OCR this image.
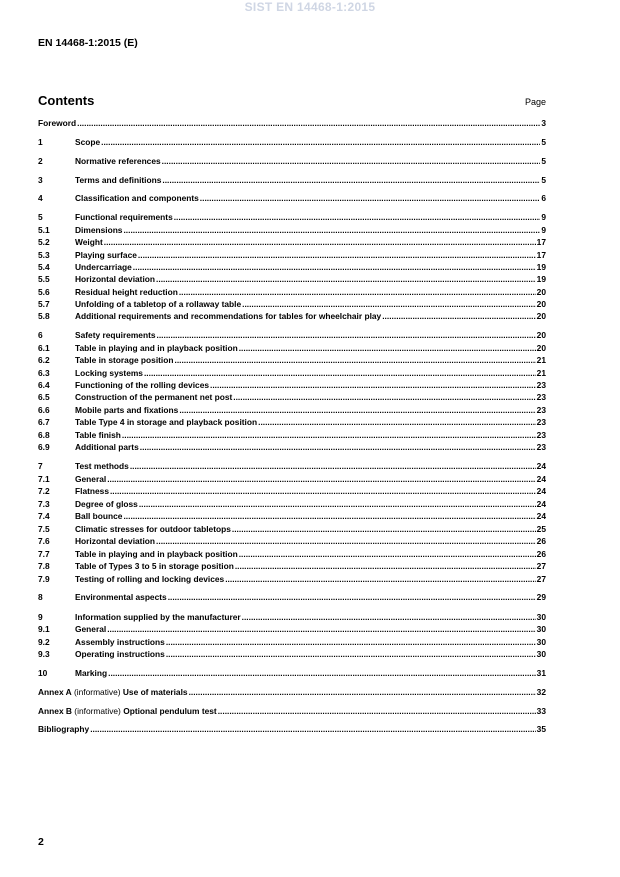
SIST EN 14468-1:2015
EN 14468-1:2015 (E)
Contents	Page
Foreword .....	3
1	Scope .....	5
2	Normative references .....	5
3	Terms and definitions .....	5
4	Classification and components .....	6
5	Functional requirements .....	9
5.1	Dimensions .....	9
5.2	Weight .....	17
5.3	Playing surface .....	17
5.4	Undercarriage .....	19
5.5	Horizontal deviation .....	19
5.6	Residual height reduction .....	20
5.7	Unfolding of a tabletop of a rollaway table .....	20
5.8	Additional requirements and recommendations for tables for wheelchair play .....	20
6	Safety requirements .....	20
6.1	Table in playing and in playback position .....	20
6.2	Table in storage position .....	21
6.3	Locking systems .....	21
6.4	Functioning of the rolling devices .....	23
6.5	Construction of the permanent net post .....	23
6.6	Mobile parts and fixations .....	23
6.7	Table Type 4 in storage and playback position .....	23
6.8	Table finish .....	23
6.9	Additional parts .....	23
7	Test methods .....	24
7.1	General .....	24
7.2	Flatness .....	24
7.3	Degree of gloss .....	24
7.4	Ball bounce .....	24
7.5	Climatic stresses for outdoor tabletops .....	25
7.6	Horizontal deviation .....	26
7.7	Table in playing and in playback position .....	26
7.8	Table of Types 3 to 5 in storage position .....	27
7.9	Testing of rolling and locking devices .....	27
8	Environmental aspects .....	29
9	Information supplied by the manufacturer .....	30
9.1	General .....	30
9.2	Assembly instructions .....	30
9.3	Operating instructions .....	30
10	Marking .....	31
Annex A (informative) Use of materials .....	32
Annex B (informative) Optional pendulum test .....	33
Bibliography .....	35
2
